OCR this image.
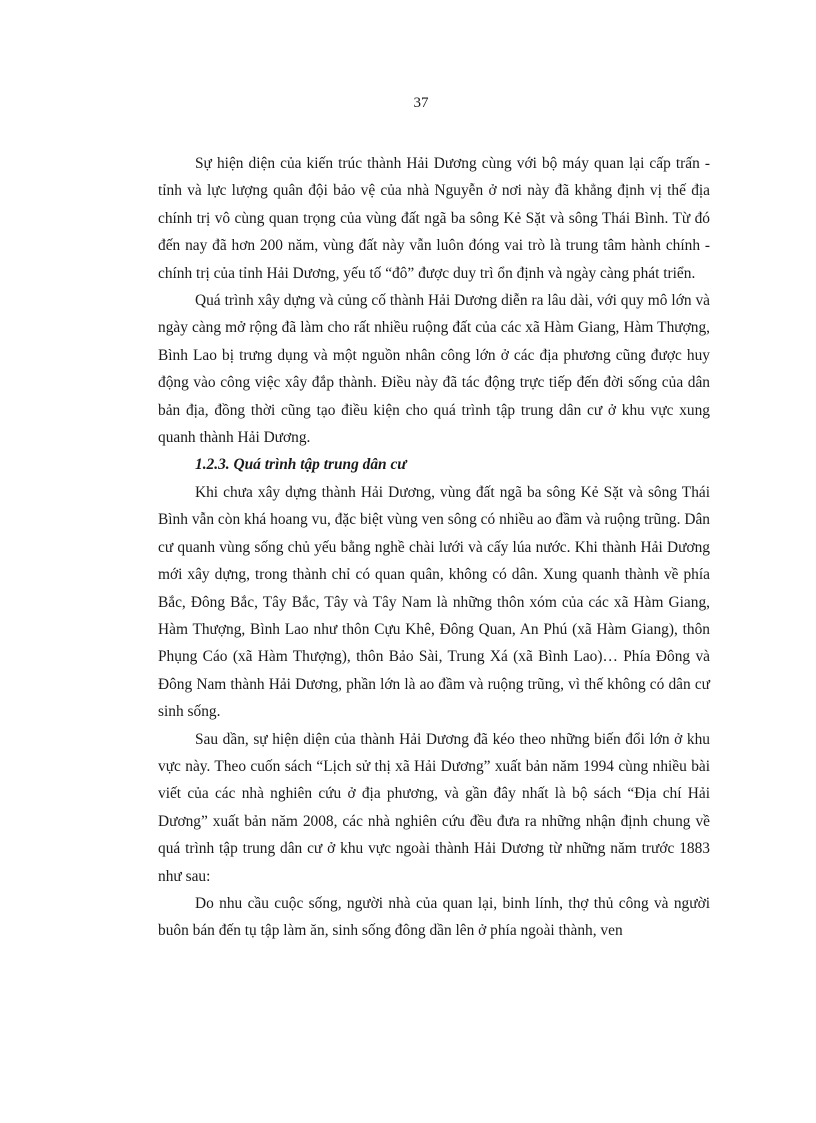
37

Sự hiện diện của kiến trúc thành Hải Dương cùng với bộ máy quan lại cấp trấn - tỉnh và lực lượng quân đội bảo vệ của nhà Nguyễn ở nơi này đã khẳng định vị thế địa chính trị vô cùng quan trọng của vùng đất ngã ba sông Kẻ Sặt và sông Thái Bình. Từ đó đến nay đã hơn 200 năm, vùng đất này vẫn luôn đóng vai trò là trung tâm hành chính - chính trị của tỉnh Hải Dương, yếu tố “đô” được duy trì ổn định và ngày càng phát triển.

Quá trình xây dựng và củng cố thành Hải Dương diễn ra lâu dài, với quy mô lớn và ngày càng mở rộng đã làm cho rất nhiều ruộng đất của các xã Hàm Giang, Hàm Thượng, Bình Lao bị trưng dụng và một nguồn nhân công lớn ở các địa phương cũng được huy động vào công việc xây đắp thành. Điều này đã tác động trực tiếp đến đời sống của dân bản địa, đồng thời cũng tạo điều kiện cho quá trình tập trung dân cư ở khu vực xung quanh thành Hải Dương.

1.2.3. Quá trình tập trung dân cư

Khi chưa xây dựng thành Hải Dương, vùng đất ngã ba sông Kẻ Sặt và sông Thái Bình vẫn còn khá hoang vu, đặc biệt vùng ven sông có nhiều ao đầm và ruộng trũng. Dân cư quanh vùng sống chủ yếu bằng nghề chài lưới và cấy lúa nước. Khi thành Hải Dương mới xây dựng, trong thành chỉ có quan quân, không có dân. Xung quanh thành về phía Bắc, Đông Bắc, Tây Bắc, Tây và Tây Nam là những thôn xóm của các xã Hàm Giang, Hàm Thượng, Bình Lao như thôn Cựu Khê, Đông Quan, An Phú (xã Hàm Giang), thôn Phụng Cáo (xã Hàm Thượng), thôn Bảo Sài, Trung Xá (xã Bình Lao)… Phía Đông và Đông Nam thành Hải Dương, phần lớn là ao đầm và ruộng trũng, vì thế không có dân cư sinh sống.

Sau dần, sự hiện diện của thành Hải Dương đã kéo theo những biến đổi lớn ở khu vực này. Theo cuốn sách “Lịch sử thị xã Hải Dương” xuất bản năm 1994 cùng nhiều bài viết của các nhà nghiên cứu ở địa phương, và gần đây nhất là bộ sách “Địa chí Hải Dương” xuất bản năm 2008, các nhà nghiên cứu đều đưa ra những nhận định chung về quá trình tập trung dân cư ở khu vực ngoài thành Hải Dương từ những năm trước 1883 như sau:

Do nhu cầu cuộc sống, người nhà của quan lại, binh lính, thợ thủ công và người buôn bán đến tụ tập làm ăn, sinh sống đông dần lên ở phía ngoài thành, ven
